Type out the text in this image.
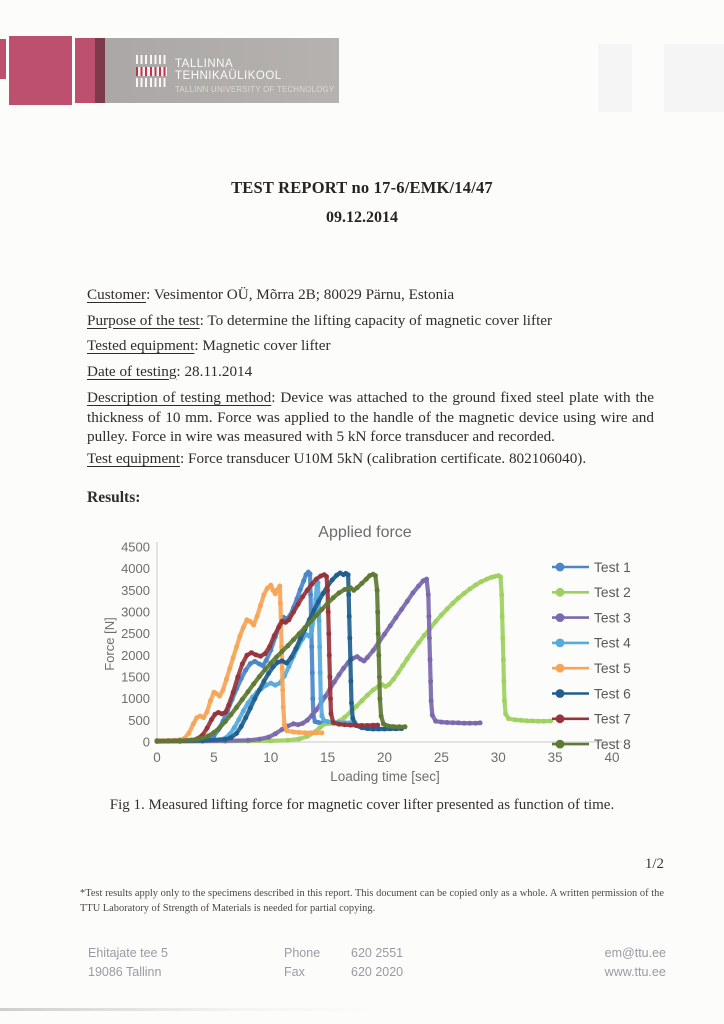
TALLINNA TEHNIKAÜLIKOOL
TALLINN UNIVERSITY OF TECHNOLOGY
TEST REPORT no 17-6/EMK/14/47
09.12.2014

Customer : Vesimentor OÜ, Mõrra 2B; 80029 Pärnu, Estonia

Purpose of the test : To determine the lifting capacity of magnetic cover lifter

Tested equipment : Magnetic cover lifter

Date of testing : 28.11.2014

Description of testing method : Device was attached to the ground fixed steel plate with the thickness of 10 mm. Force was applied to the handle of the magnetic device using wire and pulley. Force in wire was measured with 5 kN force transducer and recorded.

Test equipment : Force transducer U10M 5kN (calibration certificate. 802106040).

Results:
0
500
1000
1500
2000
2500
3000
3500
4000
4500
0	5	10	15	20	25	30	35	40
Applied force
Loading time [sec]
Force [N]
Test 1
Test 2
Test 3
Test 4
Test 5
Test 6
Test 7
Test 8
Fig 1. Measured lifting force for magnetic cover lifter presented as function of time.
1/2

*Test results apply only to the specimens described in this report. This document can be copied only as a whole. A written permission of the TTU Laboratory of Strength of Materials is needed for partial copying.

Ehitajate tee 5
19086 Tallinn
Phone 620 2551
Fax	620 2020
em@ttu.ee
www.ttu.ee
